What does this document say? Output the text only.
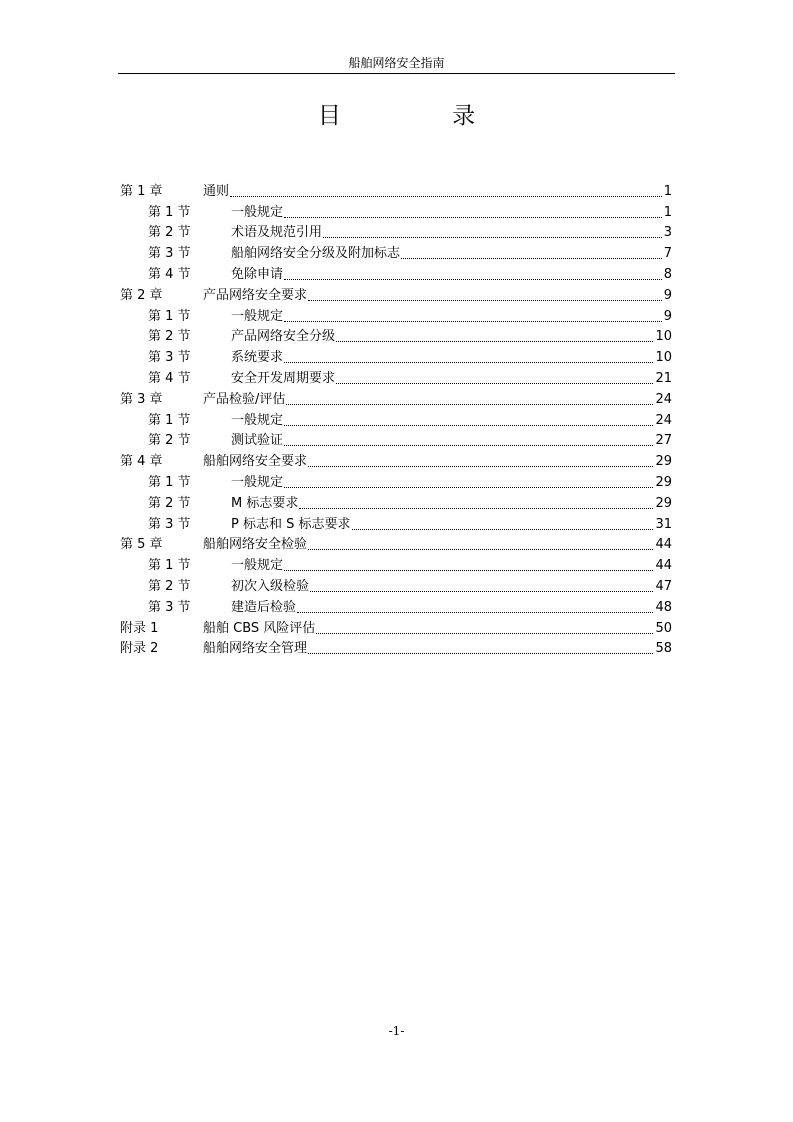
船舶网络安全指南
目 录
第 1 章	通则	1
第 1 节	一般规定	1
第 2 节	术语及规范引用	3
第 3 节	船舶网络安全分级及附加标志	7
第 4 节	免除申请	8
第 2 章	产品网络安全要求	9
第 1 节	一般规定	9
第 2 节	产品网络安全分级	10
第 3 节	系统要求	10
第 4 节	安全开发周期要求	21
第 3 章	产品检验/评估	24
第 1 节	一般规定	24
第 2 节	测试验证	27
第 4 章	船舶网络安全要求	29
第 1 节	一般规定	29
第 2 节	M 标志要求	29
第 3 节	P 标志和 S 标志要求	31
第 5 章	船舶网络安全检验	44
第 1 节	一般规定	44
第 2 节	初次入级检验	47
第 3 节	建造后检验	48
附录 1	船舶 CBS 风险评估	50
附录 2	船舶网络安全管理	58
-1-
